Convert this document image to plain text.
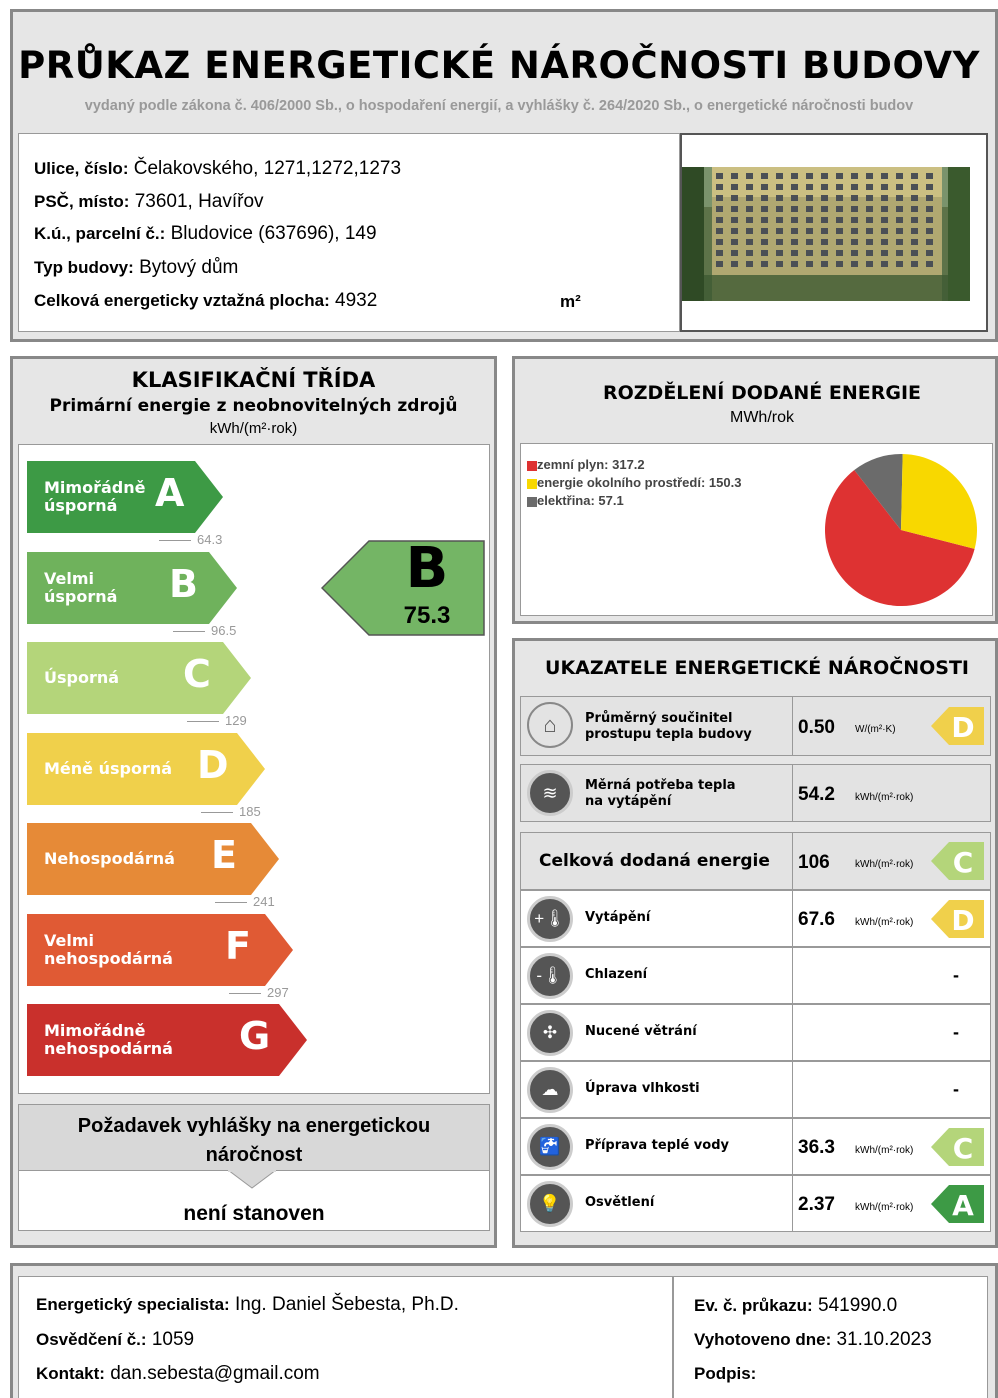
PRŮKAZ ENERGETICKÉ NÁROČNOSTI BUDOVY
vydaný podle zákona č. 406/2000 Sb., o hospodaření energií, a vyhlášky č. 264/2020 Sb., o energetické náročnosti budov
Ulice, číslo: Čelakovského, 1271,1272,1273
PSČ, místo: 73601, Havířov
K.ú., parcelní č.: Bludovice (637696), 149
Typ budovy: Bytový dům
Celková energeticky vztažná plocha: 4932	m²
KLASIFIKAČNÍ TŘÍDA
Primární energie z neobnovitelných zdrojů
kWh/(m²·rok)
Mimořádně
úsporná A
64.3
Velmi
úsporná B
96.5
Úsporná C
129
Méně úsporná D
185
Nehospodárná E
241
Velmi
nehospodárná F
297
Mimořádně
nehospodárná G
B
75.3
Požadavek vyhlášky na energetickou
náročnost
není stanoven
ROZDĚLENÍ DODANÉ ENERGIE
MWh/rok
zemní plyn: 317.2
energie okolního prostředí: 150.3
elektřina: 57.1
UKAZATELE ENERGETICKÉ NÁROČNOSTI
⌂	Průměrný součinitel
prostupu tepla budovy 0.50 W/(m²·K) D
≋	Měrná potřeba tepla
na vytápění	54.2 kWh/(m²·rok)
Celková dodaná energie 106	kWh/(m²·rok) C
+🌡	Vytápění	67.6 kWh/(m²·rok) D
-🌡	Chlazení	-
✣	Nucené větrání	-
☁	Úprava vlhkosti	-
🚰	Příprava teplé vody	36.3 kWh/(m²·rok) C
💡	Osvětlení	2.37 kWh/(m²·rok) A
Energetický specialista: Ing. Daniel Šebesta, Ph.D.
Osvědčení č.: 1059
Kontakt: dan.sebesta@gmail.com
Ev. č. průkazu: 541990.0
Vyhotoveno dne: 31.10.2023
Podpis:
